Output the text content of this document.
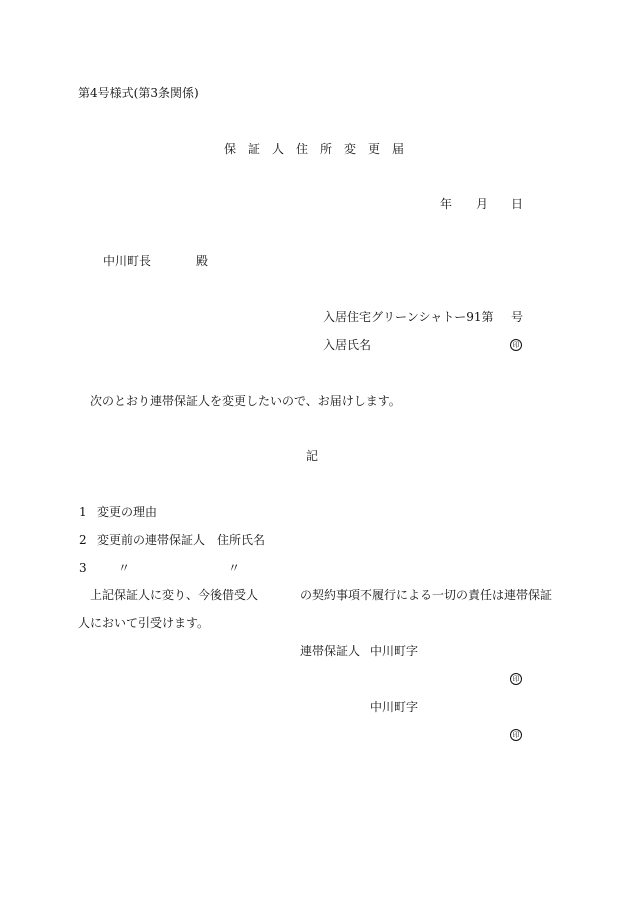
第4号様式(第3条関係)
保　証　人　住　所　変　更　届
年 月 日
中川町長	殿
入居住宅グリーンシャトー91第 号
入居氏名	印
次のとおり連帯保証人を変更したいので、お届けします。
記
1 変更の理由
2 変更前の連帯保証人　住所氏名
3	〃	〃
上記保証人に変り、今後借受人	の契約事項不履行による一切の責任は連帯保証
人において引受けます。
連帯保証人 中川町字
印
中川町字
印
